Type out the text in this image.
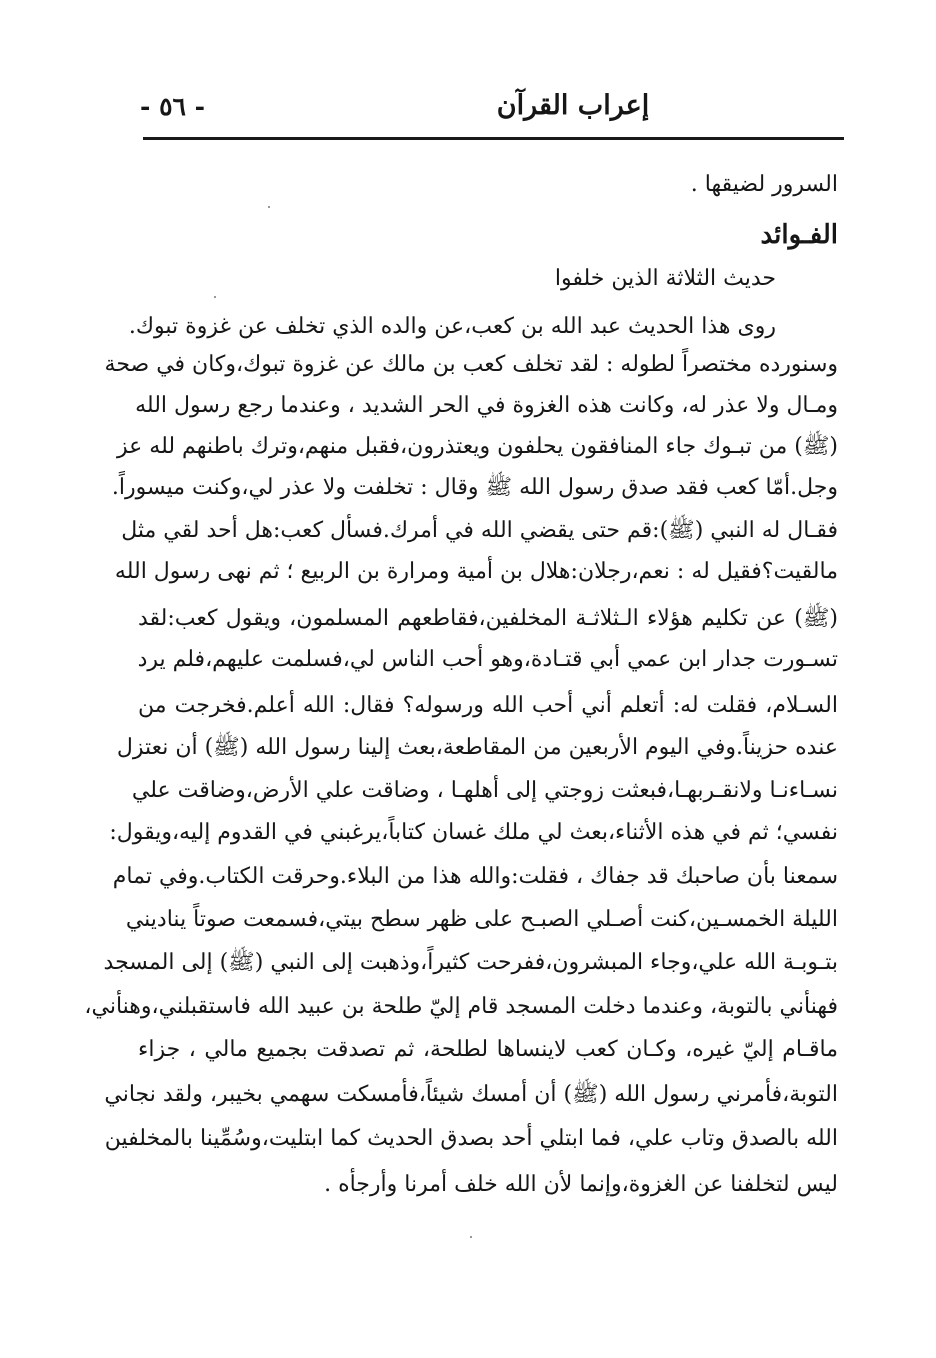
- ٥٦ -	إعراب القرآن
السرور لضيقها .
الفـوائد
حديث الثلاثة الذين خلفوا
روى هذا الحديث عبد الله بن كعب،عن والده الذي تخلف عن غزوة تبوك.
وسنورده مختصراً لطوله : لقد تخلف كعب بن مالك عن غزوة تبوك،وكان في صحة
ومـال ولا عذر له، وكانت هذه الغزوة في الحر الشديد ، وعندما رجع رسول الله
(ﷺ) من تبـوك جاء المنافقون يحلفون ويعتذرون،فقبل منهم،وترك باطنهم لله عز
وجل.أمّا كعب فقد صدق رسول الله ﷺ وقال : تخلفت ولا عذر لي،وكنت ميسوراً.
فقـال له النبي (ﷺ):قم حتى يقضي الله في أمرك.فسأل كعب:هل أحد لقي مثل
مالقيت؟فقيل له : نعم،رجلان:هلال بن أمية ومرارة بن الربيع ؛ ثم نهى رسول الله
(ﷺ) عن تكليم هؤلاء الـثلاثـة المخلفين،فقاطعهم المسلمون، ويقول كعب:لقد
تسـورت جدار ابن عمي أبي قتـادة،وهو أحب الناس لي،فسلمت عليهم،فلم يرد
السـلام، فقلت له: أتعلم أني أحب الله ورسوله؟ فقال: الله أعلم.فخرجت من
عنده حزيناً.وفي اليوم الأربعين من المقاطعة،بعث إلينا رسول الله (ﷺ) أن نعتزل
نسـاءنـا ولانقـربهـا،فبعثت زوجتي إلى أهلهـا ، وضاقت علي الأرض،وضاقت علي
نفسي؛ ثم في هذه الأثناء،بعث لي ملك غسان كتاباً،يرغبني في القدوم إليه،ويقول:
سمعنا بأن صاحبك قد جفاك ، فقلت:والله هذا من البلاء.وحرقت الكتاب.وفي تمام
الليلة الخمسـين،كنت أصـلي الصبـح على ظهر سطح بيتي،فسمعت صوتاً يناديني
بتـوبـة الله علي،وجاء المبشرون،ففرحت كثيراً،وذهبت إلى النبي (ﷺ) إلى المسجد
فهنأني بالتوبة، وعندما دخلت المسجد قام إليّ طلحة بن عبيد الله فاستقبلني،وهنأني،
ماقـام إليّ غيره، وكـان كعب لاينساها لطلحة، ثم تصدقت بجميع مالي ، جزاء
التوبة،فأمرني رسول الله (ﷺ) أن أمسك شيئاً،فأمسكت سهمي بخيبر، ولقد نجاني
الله بالصدق وتاب علي، فما ابتلي أحد بصدق الحديث كما ابتليت،وسُمِّينا بالمخلفين
ليس لتخلفنا عن الغزوة،وإنما لأن الله خلف أمرنا وأرجأه .
